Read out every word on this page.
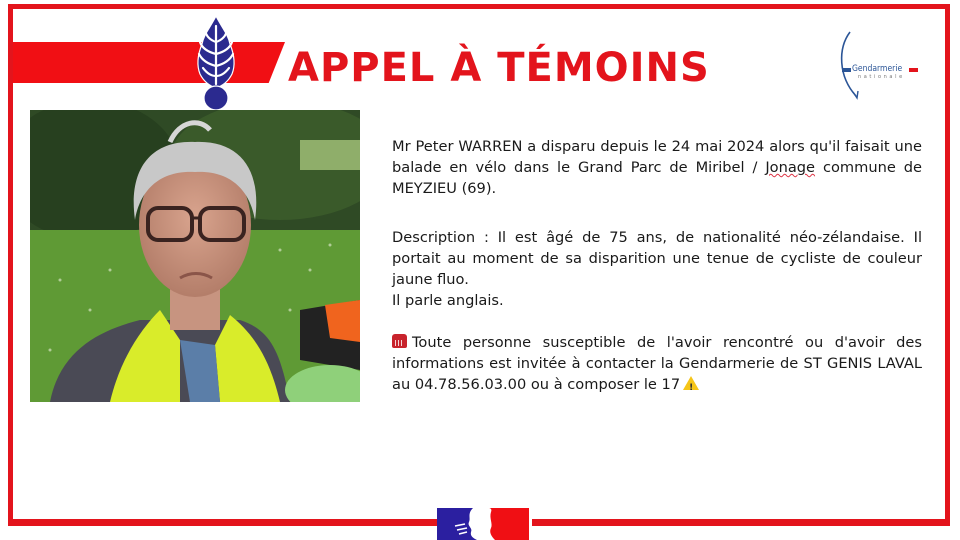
APPEL À TÉMOINS	Gendarmerie
nationale

Mr Peter WARREN a disparu depuis le 24 mai 2024 alors qu'il faisait une balade en vélo dans le Grand Parc de Miribel / Jonage commune de MEYZIEU (69).

Description : Il est âgé de 75 ans, de nationalité néo-zélandaise. Il portait au moment de sa disparition une tenue de cycliste de couleur jaune fluo.

Il parle anglais.

Toute personne susceptible de l'avoir rencontré ou d'avoir des informations est invitée à contacter la Gendarmerie de ST GENIS LAVAL au 04.78.56.03.00 ou à composer le 17!
